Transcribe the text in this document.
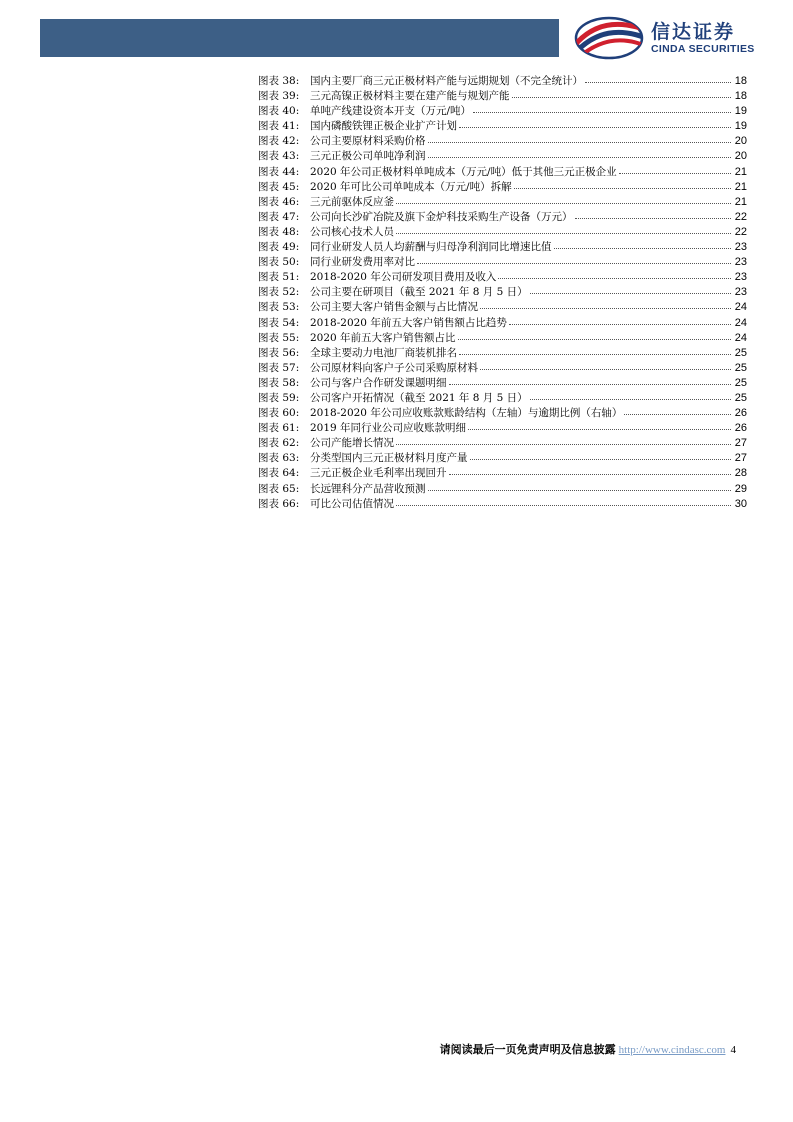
信达证券
CINDA SECURITIES
图表 38:	国内主要厂商三元正极材料产能与远期规划（不完全统计）	18
图表 39:	三元高镍正极材料主要在建产能与规划产能	18
图表 40:	单吨产线建设资本开支（万元/吨）	19
图表 41:	国内磷酸铁锂正极企业扩产计划	19
图表 42:	公司主要原材料采购价格	20
图表 43:	三元正极公司单吨净利润	20
图表 44:	2020 年公司正极材料单吨成本（万元/吨）低于其他三元正极企业	21
图表 45:	2020 年可比公司单吨成本（万元/吨）拆解	21
图表 46:	三元前驱体反应釜	21
图表 47:	公司向长沙矿冶院及旗下金炉科技采购生产设备（万元）	22
图表 48:	公司核心技术人员	22
图表 49:	同行业研发人员人均薪酬与归母净利润同比增速比值	23
图表 50:	同行业研发费用率对比	23
图表 51:	2018-2020 年公司研发项目费用及收入	23
图表 52:	公司主要在研项目（截至 2021 年 8 月 5 日）	23
图表 53:	公司主要大客户销售金额与占比情况	24
图表 54:	2018-2020 年前五大客户销售额占比趋势	24
图表 55:	2020 年前五大客户销售额占比	24
图表 56:	全球主要动力电池厂商装机排名	25
图表 57:	公司原材料向客户子公司采购原材料	25
图表 58:	公司与客户合作研发课题明细	25
图表 59:	公司客户开拓情况（截至 2021 年 8 月 5 日）	25
图表 60:	2018-2020 年公司应收账款账龄结构（左轴）与逾期比例（右轴）	26
图表 61:	2019 年同行业公司应收账款明细	26
图表 62:	公司产能增长情况	27
图表 63:	分类型国内三元正极材料月度产量	27
图表 64:	三元正极企业毛利率出现回升	28
图表 65:	长远锂科分产品营收预测	29
图表 66:	可比公司估值情况	30
请阅读最后一页免责声明及信息披露 http://www.cindasc.com 4
